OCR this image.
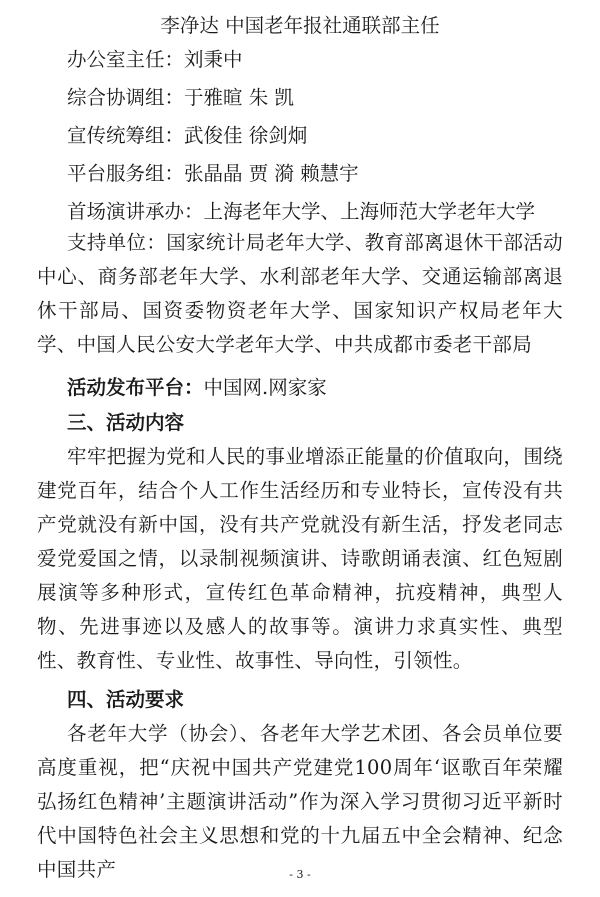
李净达 中国老年报社通联部主任
办公室主任：刘秉中
综合协调组：于雅暄 朱 凯
宣传统筹组：武俊佳 徐剑炯
平台服务组：张晶晶 贾 漪 赖慧宇
首场演讲承办：上海老年大学、上海师范大学老年大学
支持单位：国家统计局老年大学、教育部离退休干部活动中心、商务部老年大学、水利部老年大学、交通运输部离退休干部局、国资委物资老年大学、国家知识产权局老年大学、中国人民公安大学老年大学、中共成都市委老干部局
活动发布平台：中国网.网家家
三、活动内容
牢牢把握为党和人民的事业增添正能量的价值取向，围绕建党百年，结合个人工作生活经历和专业特长，宣传没有共产党就没有新中国，没有共产党就没有新生活，抒发老同志爱党爱国之情，以录制视频演讲、诗歌朗诵表演、红色短剧展演等多种形式，宣传红色革命精神，抗疫精神，典型人物、先进事迹以及感人的故事等。演讲力求真实性、典型性、教育性、专业性、故事性、导向性，引领性。
四、活动要求
各老年大学（协会）、各老年大学艺术团、各会员单位要高度重视，把“庆祝中国共产党建党100周年‘讴歌百年荣耀 弘扬红色精神’主题演讲活动”作为深入学习贯彻习近平新时代中国特色社会主义思想和党的十九届五中全会精神、纪念中国共产	- 3 -
